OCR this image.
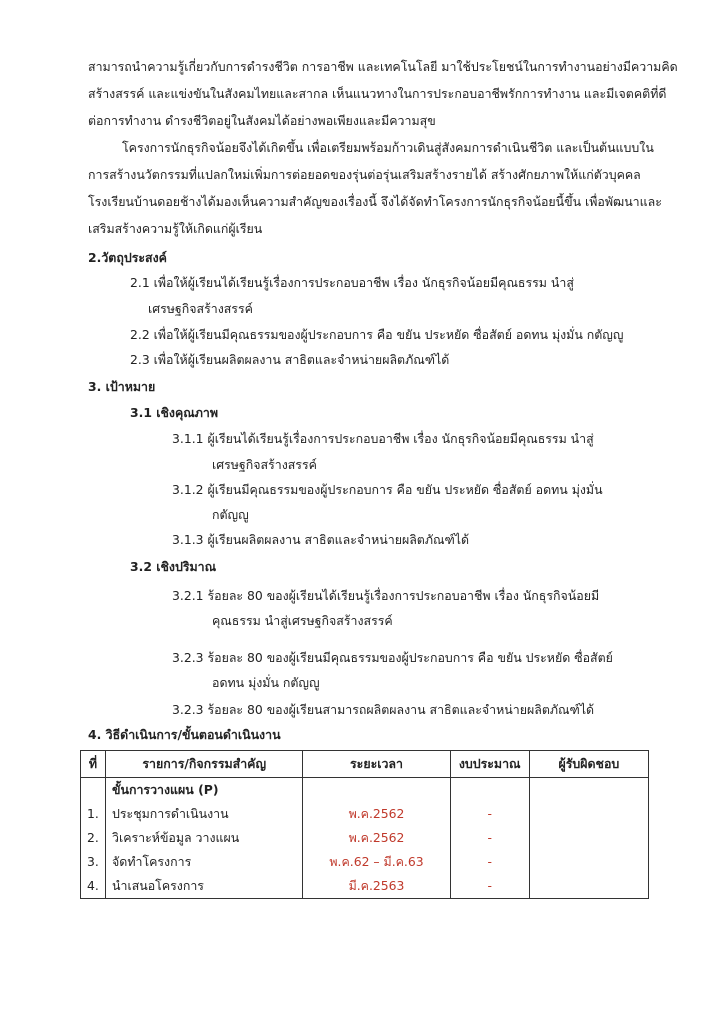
สามารถนำความรู้เกี่ยวกับการดำรงชีวิต การอาชีพ และเทคโนโลยี มาใช้ประโยชน์ในการทำงานอย่างมีความคิด
สร้างสรรค์ และแข่งขันในสังคมไทยและสากล เห็นแนวทางในการประกอบอาชีพรักการทำงาน และมีเจตคติที่ดี
ต่อการทำงาน ดำรงชีวิตอยู่ในสังคมได้อย่างพอเพียงและมีความสุข
โครงการนักธุรกิจน้อยจึงได้เกิดขึ้น เพื่อเตรียมพร้อมก้าวเดินสู่สังคมการดำเนินชีวิต และเป็นต้นแบบใน
การสร้างนวัตกรรมที่แปลกใหม่เพิ่มการต่อยอดของรุ่นต่อรุ่นเสริมสร้างรายได้ สร้างศักยภาพให้แก่ตัวบุคคล
โรงเรียนบ้านดอยช้างได้มองเห็นความสำคัญของเรื่องนี้ จึงได้จัดทำโครงการนักธุรกิจน้อยนี้ขึ้น เพื่อพัฒนาและ
เสริมสร้างความรู้ให้เกิดแก่ผู้เรียน
2.วัตถุประสงค์
2.1 เพื่อให้ผู้เรียนได้เรียนรู้เรื่องการประกอบอาชีพ เรื่อง นักธุรกิจน้อยมีคุณธรรม นำสู่
เศรษฐกิจสร้างสรรค์
2.2 เพื่อให้ผู้เรียนมีคุณธรรมของผู้ประกอบการ คือ ขยัน ประหยัด ซื่อสัตย์ อดทน มุ่งมั่น กตัญญู
2.3 เพื่อให้ผู้เรียนผลิตผลงาน สาธิตและจำหน่ายผลิตภัณฑ์ได้
3. เป้าหมาย
3.1 เชิงคุณภาพ
3.1.1 ผู้เรียนได้เรียนรู้เรื่องการประกอบอาชีพ เรื่อง นักธุรกิจน้อยมีคุณธรรม นำสู่
เศรษฐกิจสร้างสรรค์
3.1.2 ผู้เรียนมีคุณธรรมของผู้ประกอบการ คือ ขยัน ประหยัด ซื่อสัตย์ อดทน มุ่งมั่น
กตัญญู
3.1.3 ผู้เรียนผลิตผลงาน สาธิตและจำหน่ายผลิตภัณฑ์ได้
3.2 เชิงปริมาณ
3.2.1 ร้อยละ 80 ของผู้เรียนได้เรียนรู้เรื่องการประกอบอาชีพ เรื่อง นักธุรกิจน้อยมี
คุณธรรม นำสู่เศรษฐกิจสร้างสรรค์
3.2.3 ร้อยละ 80 ของผู้เรียนมีคุณธรรมของผู้ประกอบการ คือ ขยัน ประหยัด ซื่อสัตย์
อดทน มุ่งมั่น กตัญญู
3.2.3 ร้อยละ 80 ของผู้เรียนสามารถผลิตผลงาน สาธิตและจำหน่ายผลิตภัณฑ์ได้
4. วิธีดำเนินการ/ขั้นตอนดำเนินงาน
ที่	รายการ/กิจกรรมสำคัญ	ระยะเวลา	งบประมาณ	ผู้รับผิดชอบ
	ขั้นการวางแผน (P)			
1.	ประชุมการดำเนินงาน	พ.ค.2562	-	
2.	วิเคราะห์ข้อมูล วางแผน	พ.ค.2562	-	
3.	จัดทำโครงการ	พ.ค.62 – มี.ค.63	-	
4.	นำเสนอโครงการ	มี.ค.2563	-	
